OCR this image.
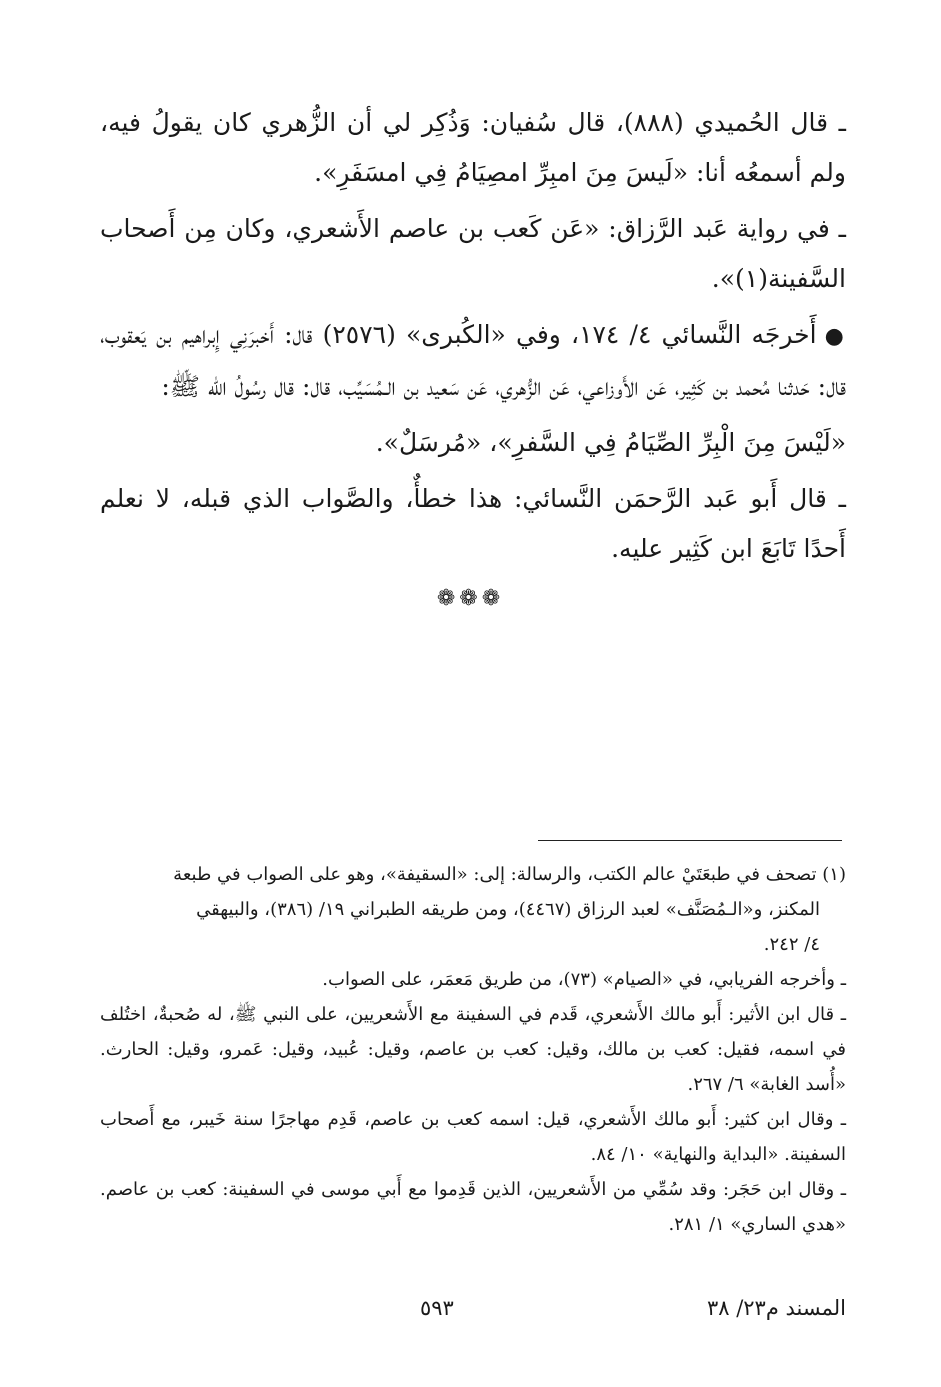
ـ قال الحُميدي (٨٨٨)، قال سُفيان: وَذُكِر لي أن الزُّهري كان يقولُ فيه، ولم أسمعُه أنا: «لَيسَ مِنَ امبِرِّ امصِيَامُ فِي امسَفَرِ».

ـ في رواية عَبد الرَّزاق: «عَن كَعب بن عاصم الأَشعري، وكان مِن أَصحاب السَّفينة(١)».

●أَخرجَه النَّسائي ٤/ ١٧٤، وفي «الكُبرى» (٢٥٧٦) قال: أَخبرَنِي إِبراهيم بن يَعقوب، قال: حَدثنا مُحمد بن كَثِير، عَن الأَوزاعي، عَن الزُّهري، عَن سَعيد بن الـمُسَيِّب، قال: قال رسُولُ الله ﷺ:

«لَيْسَ مِنَ الْبِرِّ الصِّيَامُ فِي السَّفرِ»، «مُرسَلٌ».

ـ قال أَبو عَبد الرَّحمَن النَّسائي: هذا خطأٌ، والصَّواب الذي قبله، لا نعلم أَحدًا تَابَعَ ابن كَثِير عليه.

❁❁❁

(١) تصحف في طبعَتَيْ عالم الكتب، والرسالة: إلى: «السقيفة»، وهو على الصواب في طبعة

المكنز، و«الـمُصَنَّف» لعبد الرزاق (٤٤٦٧)، ومن طريقه الطبراني ١٩/ (٣٨٦)، والبيهقي

٤/ ٢٤٢.

ـ وأخرجه الفريابي، في «الصيام» (٧٣)، من طريق مَعمَر، على الصواب.

ـ قال ابن الأثير: أَبو مالك الأَشعري، قَدم في السفينة مع الأَشعريين، على النبي ﷺ، له صُحبةٌ، اختُلف في اسمه، فقيل: كعب بن مالك، وقيل: كعب بن عاصم، وقيل: عُبيد، وقيل: عَمرو، وقيل: الحارث. «أُسد الغابة» ٦/ ٢٦٧.

ـ وقال ابن كثير: أَبو مالك الأَشعري، قيل: اسمه كعب بن عاصم، قَدِم مهاجرًا سنة خَيبر، مع أَصحاب السفينة. «البداية والنهاية» ١٠/ ٨٤.

ـ وقال ابن حَجَر: وقد سُمِّي من الأَشعريين، الذين قَدِموا مع أَبي موسى في السفينة: كعب بن عاصم. «هدي الساري» ١/ ٢٨١.

المسند م٢٣/ ٣٨
٥٩٣
